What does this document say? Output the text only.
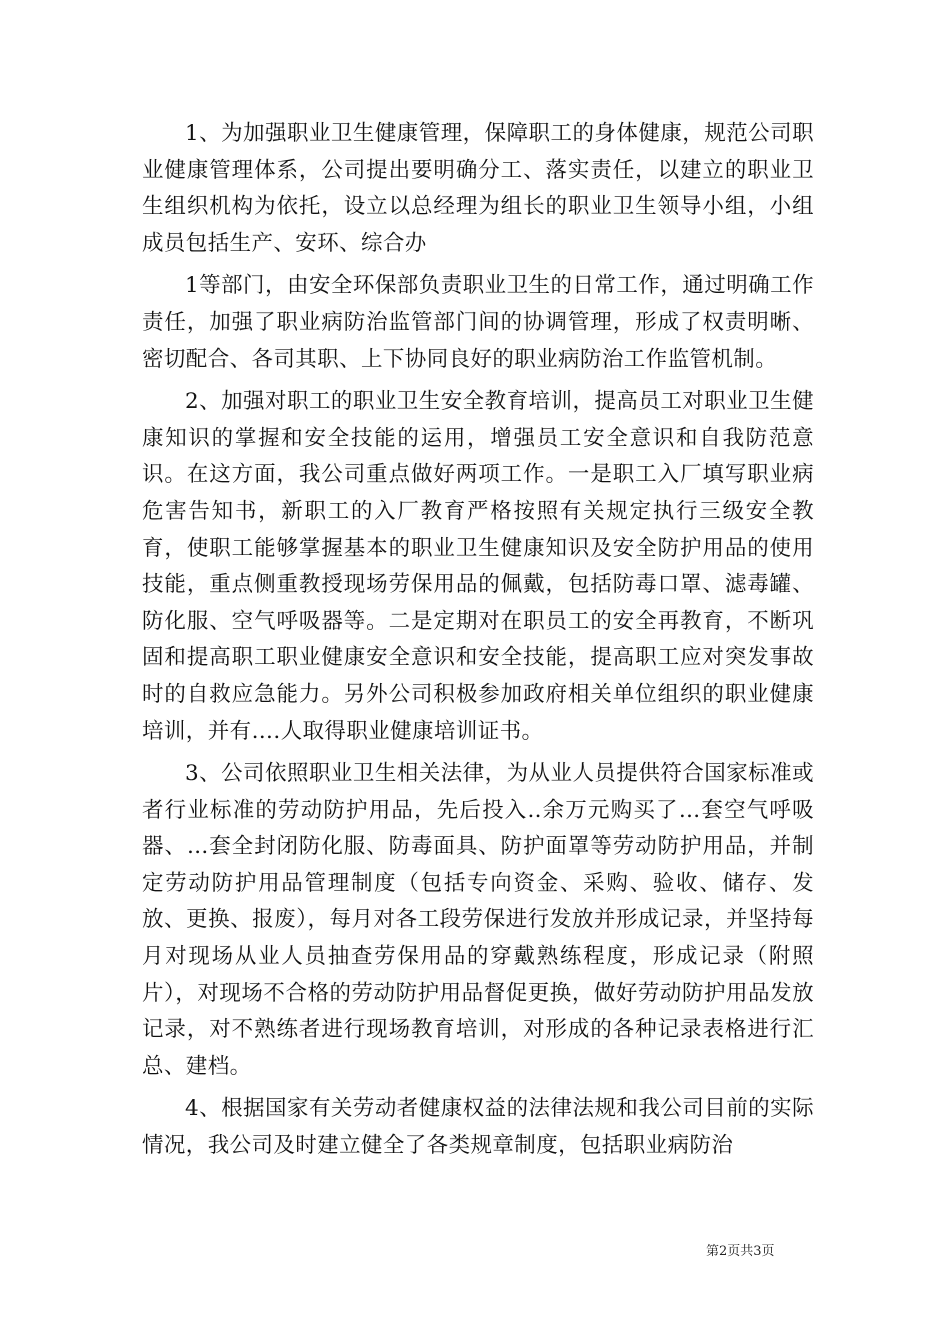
1、为加强职业卫生健康管理，保障职工的身体健康，规范公司职业健康管理体系，公司提出要明确分工、落实责任，以建立的职业卫生组织机构为依托，设立以总经理为组长的职业卫生领导小组，小组成员包括生产、安环、综合办

1等部门，由安全环保部负责职业卫生的日常工作，通过明确工作责任，加强了职业病防治监管部门间的协调管理，形成了权责明晰、密切配合、各司其职、上下协同良好的职业病防治工作监管机制。

2、加强对职工的职业卫生安全教育培训，提高员工对职业卫生健康知识的掌握和安全技能的运用，增强员工安全意识和自我防范意识。在这方面，我公司重点做好两项工作。一是职工入厂填写职业病危害告知书，新职工的入厂教育严格按照有关规定执行三级安全教育，使职工能够掌握基本的职业卫生健康知识及安全防护用品的使用技能，重点侧重教授现场劳保用品的佩戴，包括防毒口罩、滤毒罐、防化服、空气呼吸器等。二是定期对在职员工的安全再教育，不断巩固和提高职工职业健康安全意识和安全技能，提高职工应对突发事故时的自救应急能力。另外公司积极参加政府相关单位组织的职业健康培训，并有….人取得职业健康培训证书。

3、公司依照职业卫生相关法律，为从业人员提供符合国家标准或者行业标准的劳动防护用品，先后投入..余万元购买了…套空气呼吸器、…套全封闭防化服、防毒面具、防护面罩等劳动防护用品，并制定劳动防护用品管理制度（包括专向资金、采购、验收、储存、发放、更换、报废），每月对各工段劳保进行发放并形成记录，并坚持每月对现场从业人员抽查劳保用品的穿戴熟练程度，形成记录（附照片），对现场不合格的劳动防护用品督促更换，做好劳动防护用品发放记录，对不熟练者进行现场教育培训，对形成的各种记录表格进行汇总、建档。

4、根据国家有关劳动者健康权益的法律法规和我公司目前的实际情况，我公司及时建立健全了各类规章制度，包括职业病防治

第2页共3页
